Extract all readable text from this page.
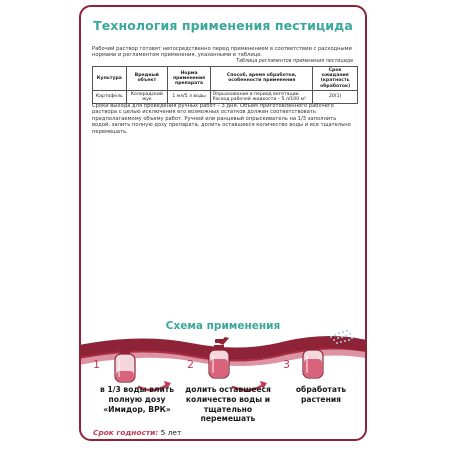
Технология применения пестицида

Рабочий раствор готовят непосредственно перед применением в соответствии с расходными нормами и регламентом применения, указанными в таблице.

Таблица регламентов применения пестицида
Культура	Вредный объект	Норма применения препарата	Способ, время обработки, особенности применения	Срок ожидания (кратность обработок)
Картофель	Колорадский жук	1 мл/5 л воды	Опрыскивание в период вегетации. Расход рабочей жидкости – 5 л/100 м²	20(1)

Сроки выхода для проведения ручных работ – 3 дня. Объем приготовленного рабочего раствора с целью исключения его возможных остатков должен соответствовать предполагаемому объему работ. Ручной или ранцевый опрыскиватель на 1/3 заполнить водой, залить полную дозу препарата, долить оставшееся количество воды и все тщательно перемешать.

Схема применения
1	2	3
в 1/3 воды влить полную дозу «Имидор, ВРК»
долить оставшееся количество воды и тщательно перемешать
обработать растения
Срок годности: 5 лет
